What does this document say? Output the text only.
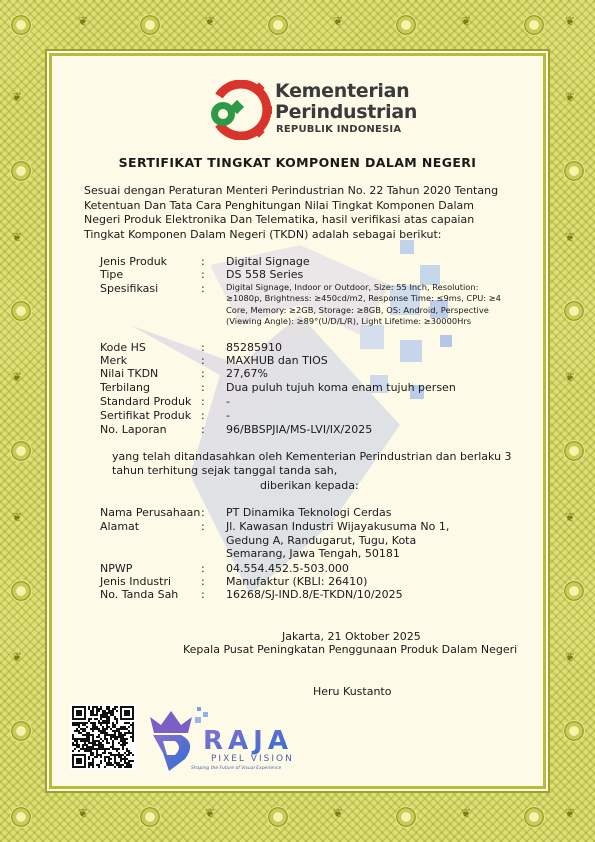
❦
❦
❦
❦
❦
❦
❦
❦
❦
❦
❦	❦
❦	❦
❦	❦
❦	❦
❦	❦
Kementerian
Perindustrian
REPUBLIK INDONESIA
SERTIFIKAT TINGKAT KOMPONEN DALAM NEGERI
Sesuai dengan Peraturan Menteri Perindustrian No. 22 Tahun 2020 Tentang Ketentuan Dan Tata Cara Penghitungan Nilai Tingkat Komponen Dalam Negeri Produk Elektronika Dan Telematika, hasil verifikasi atas capaian Tingkat Komponen Dalam Negeri (TKDN) adalah sebagai berikut:
Jenis Produk	: Digital Signage
Tipe	: DS 558 Series
Spesifikasi	:	Digital Signage, Indoor or Outdoor, Size: 55 Inch, Resolution: ≥1080p, Brightness: ≥450cd/m2, Response Time: ≤9ms, CPU: ≥4 Core, Memory: ≥2GB, Storage: ≥8GB, OS: Android, Perspective (Viewing Angle): ≥89°(U/D/L/R), Light Lifetime: ≥30000Hrs
Kode HS	: 85285910
Merk	: MAXHUB dan TIOS
Nilai TKDN	: 27,67%
Terbilang	: Dua puluh tujuh koma enam tujuh persen
Standard Produk : -
Sertifikat Produk : -
No. Laporan	: 96/BBSPJIA/MS-LVI/IX/2025
yang telah ditandasahkan oleh Kementerian Perindustrian dan berlaku 3 tahun terhitung sejak tanggal tanda sah,
diberikan kepada:
Nama Perusahaan : PT Dinamika Teknologi Cerdas
Alamat	: Jl. Kawasan Industri Wijayakusuma No 1, Gedung A, Randugarut, Tugu, Kota Semarang, Jawa Tengah, 50181
NPWP	: 04.554.452.5-503.000
Jenis Industri	: Manufaktur (KBLI: 26410)
No. Tanda Sah : 16268/SJ-IND.8/E-TKDN/10/2025
Jakarta, 21 Oktober 2025
Kepala Pusat Peningkatan Penggunaan Produk Dalam Negeri
Heru Kustanto
RAJA
PIXEL VISION
Shaping the Future of Visual Experience
